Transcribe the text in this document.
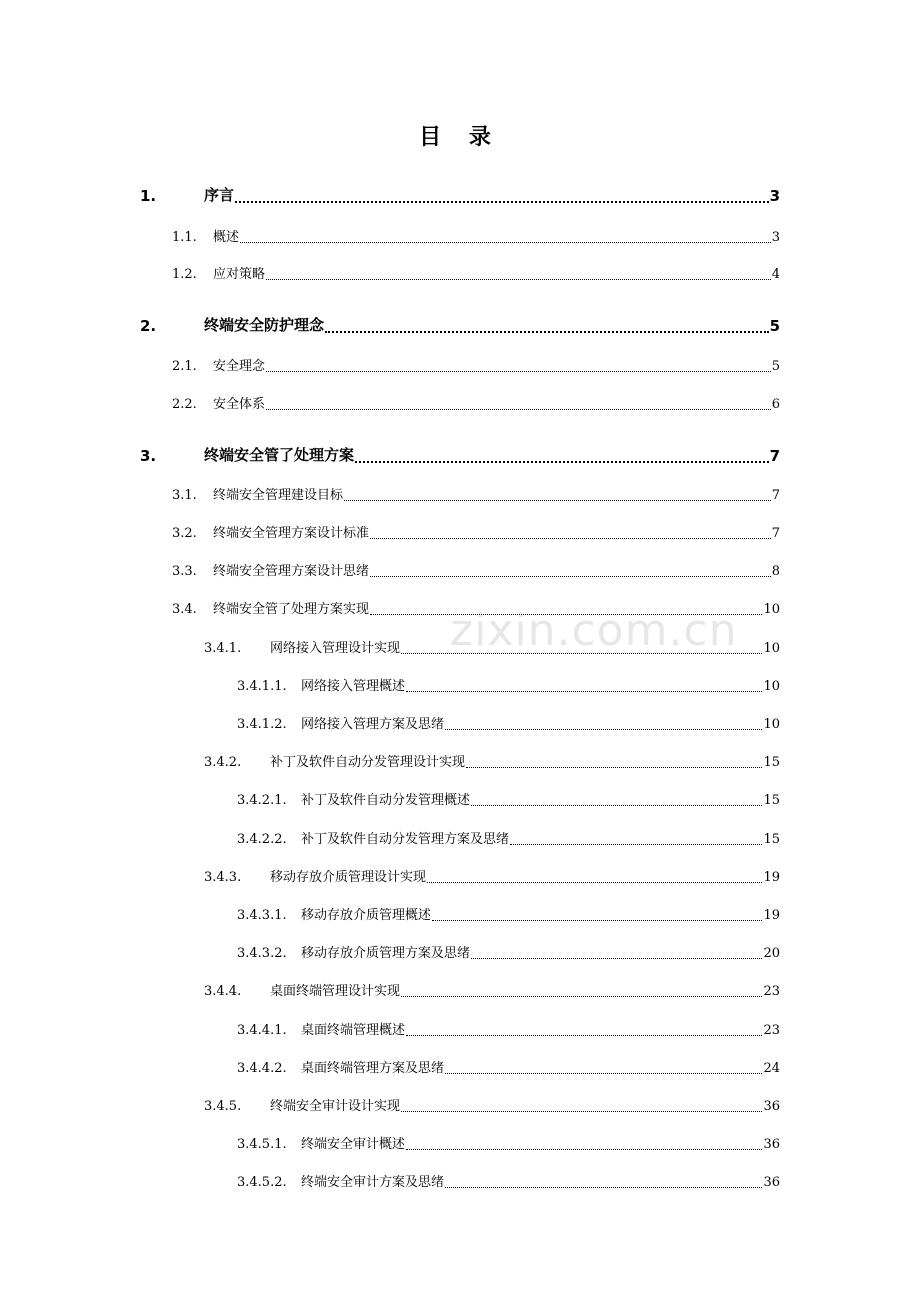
目 录
1.	序言	3
1.1.	概述	3
1.2.	应对策略	4
2.	终端安全防护理念	5
2.1.	安全理念	5
2.2.	安全体系	6
3.	终端安全管了处理方案	7
3.1.	终端安全管理建设目标	7
3.2.	终端安全管理方案设计标准	7
3.3.	终端安全管理方案设计思绪	8
3.4.	终端安全管了处理方案实现	10
3.4.1.	网络接入管理设计实现	10
3.4.1.1.	网络接入管理概述	10
3.4.1.2.	网络接入管理方案及思绪	10
3.4.2.	补丁及软件自动分发管理设计实现	15
3.4.2.1.	补丁及软件自动分发管理概述	15
3.4.2.2.	补丁及软件自动分发管理方案及思绪	15
3.4.3.	移动存放介质管理设计实现	19
3.4.3.1.	移动存放介质管理概述	19
3.4.3.2.	移动存放介质管理方案及思绪	20
3.4.4.	桌面终端管理设计实现	23
3.4.4.1.	桌面终端管理概述	23
3.4.4.2.	桌面终端管理方案及思绪	24
3.4.5.	终端安全审计设计实现	36
3.4.5.1.	终端安全审计概述	36
3.4.5.2.	终端安全审计方案及思绪	36
zixin.com.cn
